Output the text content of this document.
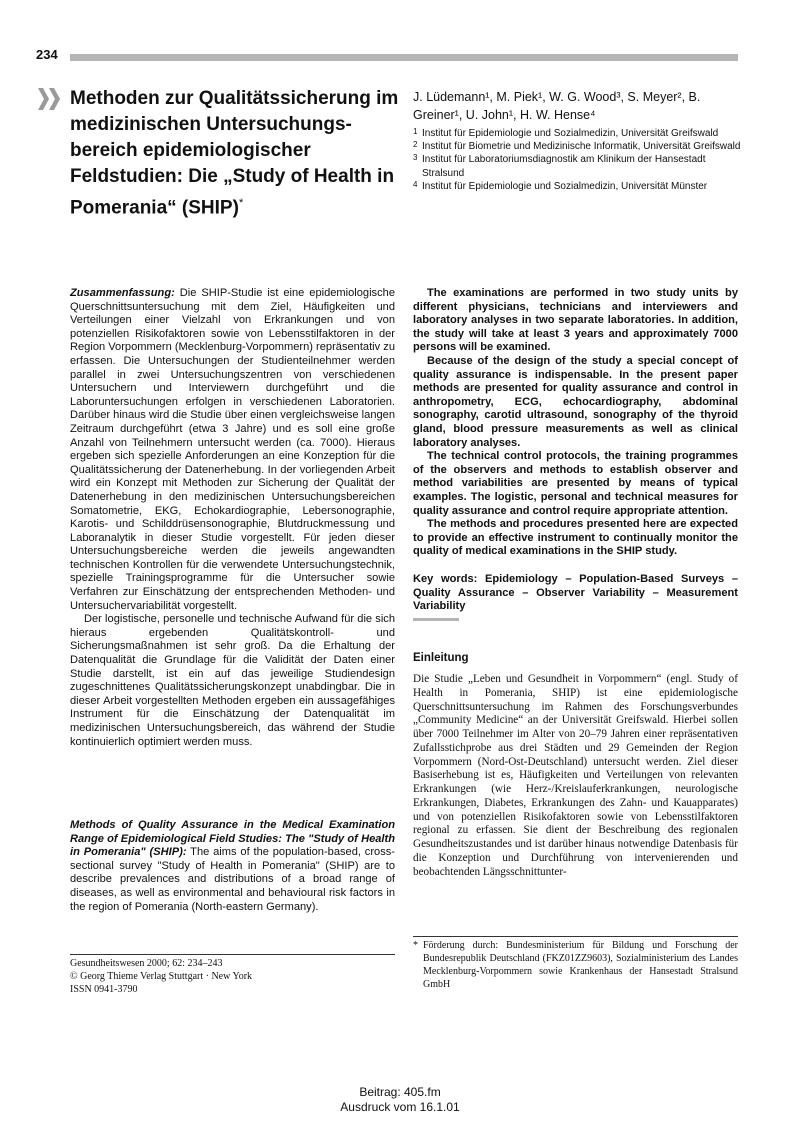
234
Methoden zur Qualitätssicherung im medizinischen Untersuchungs-bereich epidemiologischer Feldstudien: Die „Study of Health in Pomerania“ (SHIP)*
J. Lüdemann¹, M. Piek¹, W. G. Wood³, S. Meyer², B. Greiner¹, U. John¹, H. W. Hense⁴
1 Institut für Epidemiologie und Sozialmedizin, Universität Greifswald
2 Institut für Biometrie und Medizinische Informatik, Universität Greifswald
3 Institut für Laboratoriumsdiagnostik am Klinikum der Hansestadt Stralsund
4 Institut für Epidemiologie und Sozialmedizin, Universität Münster

Zusammenfassung: Die SHIP-Studie ist eine epidemiologische Querschnittsuntersuchung mit dem Ziel, Häufigkeiten und Verteilungen einer Vielzahl von Erkrankungen und von potenziellen Risikofaktoren sowie von Lebensstilfaktoren in der Region Vorpommern (Mecklenburg-Vorpommern) repräsentativ zu erfassen. Die Untersuchungen der Studienteilnehmer werden parallel in zwei Untersuchungszentren von verschiedenen Untersuchern und Interviewern durchgeführt und die Laboruntersuchungen erfolgen in verschiedenen Laboratorien. Darüber hinaus wird die Studie über einen vergleichsweise langen Zeitraum durchgeführt (etwa 3 Jahre) und es soll eine große Anzahl von Teilnehmern untersucht werden (ca. 7000). Hieraus ergeben sich spezielle Anforderungen an eine Konzeption für die Qualitätssicherung der Datenerhebung. In der vorliegenden Arbeit wird ein Konzept mit Methoden zur Sicherung der Qualität der Datenerhebung in den medizinischen Untersuchungsbereichen Somatometrie, EKG, Echokardiographie, Lebersonographie, Karotis- und Schilddrüsensonographie, Blutdruckmessung und Laboranalytik in dieser Studie vorgestellt. Für jeden dieser Untersuchungsbereiche werden die jeweils angewandten technischen Kontrollen für die verwendete Untersuchungstechnik, spezielle Trainingsprogramme für die Untersucher sowie Verfahren zur Einschätzung der entsprechenden Methoden- und Untersuchervariabilität vorgestellt.

Der logistische, personelle und technische Aufwand für die sich hieraus ergebenden Qualitätskontroll- und Sicherungsmaßnahmen ist sehr groß. Da die Erhaltung der Datenqualität die Grundlage für die Validität der Daten einer Studie darstellt, ist ein auf das jeweilige Studiendesign zugeschnittenes Qualitätssicherungskonzept unabdingbar. Die in dieser Arbeit vorgestellten Methoden ergeben ein aussagefähiges Instrument für die Einschätzung der Datenqualität im medizinischen Untersuchungsbereich, das während der Studie kontinuierlich optimiert werden muss.

Methods of Quality Assurance in the Medical Examination Range of Epidemiological Field Studies: The "Study of Health in Pomerania" (SHIP): The aims of the population-based, cross-sectional survey "Study of Health in Pomerania" (SHIP) are to describe prevalences and distributions of a broad range of diseases, as well as environmental and behavioural risk factors in the region of Pomerania (North-eastern Germany).

The examinations are performed in two study units by different physicians, technicians and interviewers and laboratory analyses in two separate laboratories. In addition, the study will take at least 3 years and approximately 7000 persons will be examined.

Because of the design of the study a special concept of quality assurance is indispensable. In the present paper methods are presented for quality assurance and control in anthropometry, ECG, echocardiography, abdominal sonography, carotid ultrasound, sonography of the thyroid gland, blood pressure measurements as well as clinical laboratory analyses.

The technical control protocols, the training programmes of the observers and methods to establish observer and method variabilities are presented by means of typical examples. The logistic, personal and technical measures for quality assurance and control require appropriate attention.

The methods and procedures presented here are expected to provide an effective instrument to continually monitor the quality of medical examinations in the SHIP study.

Key words: Epidemiology – Population-Based Surveys – Quality Assurance – Observer Variability – Measurement Variability
Einleitung

Die Studie „Leben und Gesundheit in Vorpommern“ (engl. Study of Health in Pomerania, SHIP) ist eine epidemiologische Querschnittsuntersuchung im Rahmen des Forschungsverbundes „Community Medicine“ an der Universität Greifswald. Hierbei sollen über 7000 Teilnehmer im Alter von 20–79 Jahren einer repräsentativen Zufallsstichprobe aus drei Städten und 29 Gemeinden der Region Vorpommern (Nord-Ost-Deutschland) untersucht werden. Ziel dieser Basiserhebung ist es, Häufigkeiten und Verteilungen von relevanten Erkrankungen (wie Herz-/Kreislauferkrankungen, neurologische Erkrankungen, Diabetes, Erkrankungen des Zahn- und Kauapparates) und von potenziellen Risikofaktoren sowie von Lebensstilfaktoren regional zu erfassen. Sie dient der Beschreibung des regionalen Gesundheitszustandes und ist darüber hinaus notwendige Datenbasis für die Konzeption und Durchführung von intervenierenden und beobachtenden Längsschnittunter-

Gesundheitswesen 2000; 62: 234–243
© Georg Thieme Verlag Stuttgart · New York
ISSN 0941-3790
* Förderung durch: Bundesministerium für Bildung und Forschung der Bundesrepublik Deutschland (FKZ01ZZ9603), Sozialministerium des Landes Mecklenburg-Vorpommern sowie Krankenhaus der Hansestadt Stralsund GmbH
Beitrag: 405.fm
Ausdruck vom 16.1.01
